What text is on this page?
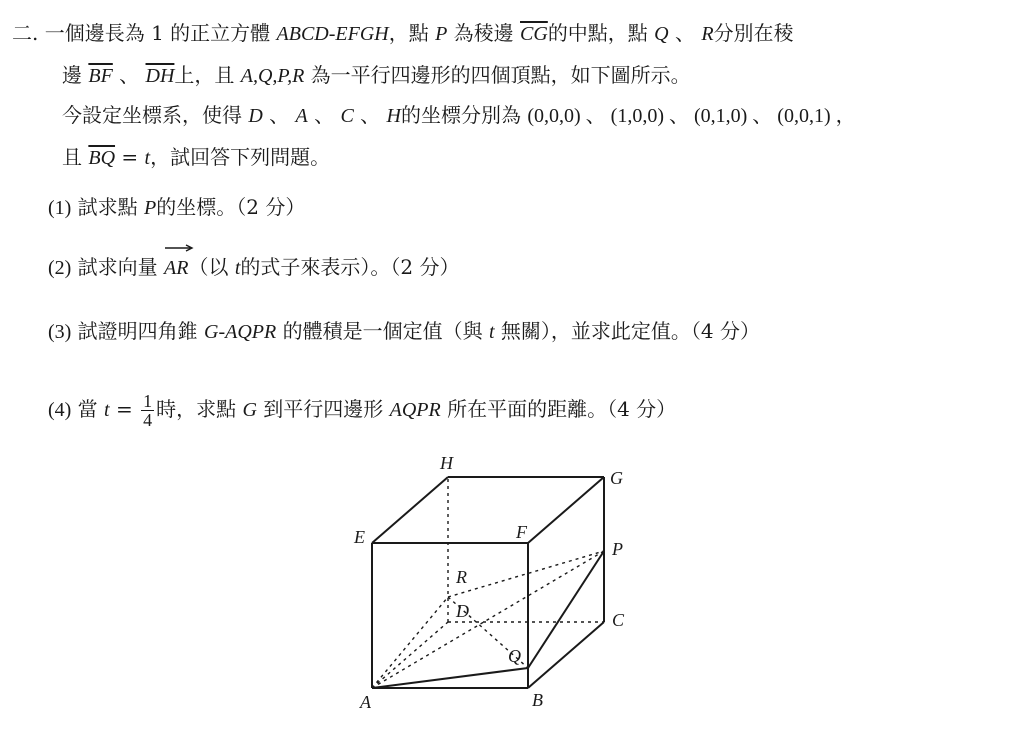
二. 一個邊長為 1 的正立方體 ABCD-EFGH，點 P 為稜邊 $\overline{CG}$的中點，點 Q 、 R分別在稜
邊 $\overline{BF}$ 、 $\overline{DH}$上，且 A,Q,P,R 為一平行四邊形的四個頂點，如下圖所示。
今設定坐標系，使得 D 、 A 、 C 、 H的坐標分別為 (0,0,0) 、 (1,0,0) 、 (0,1,0) 、 (0,0,1) ，
且 $\overline{BQ} = t$，試回答下列問題。
(1) 試求點 P的坐標。（2 分）
(2) 試求向量 AR
（以 t的式子來表示）。（2 分）
(3) 試證明四角錐 G-AQPR 的體積是一個定值（與 t 無關），並求此定值。（4 分）
(4) 當 $t = \frac{1}{4}$ 時，求點 G 到平行四邊形 AQPR 所在平面的距離。（4 分）
H
G
E	F
P
R
D	C
Q
A	B
